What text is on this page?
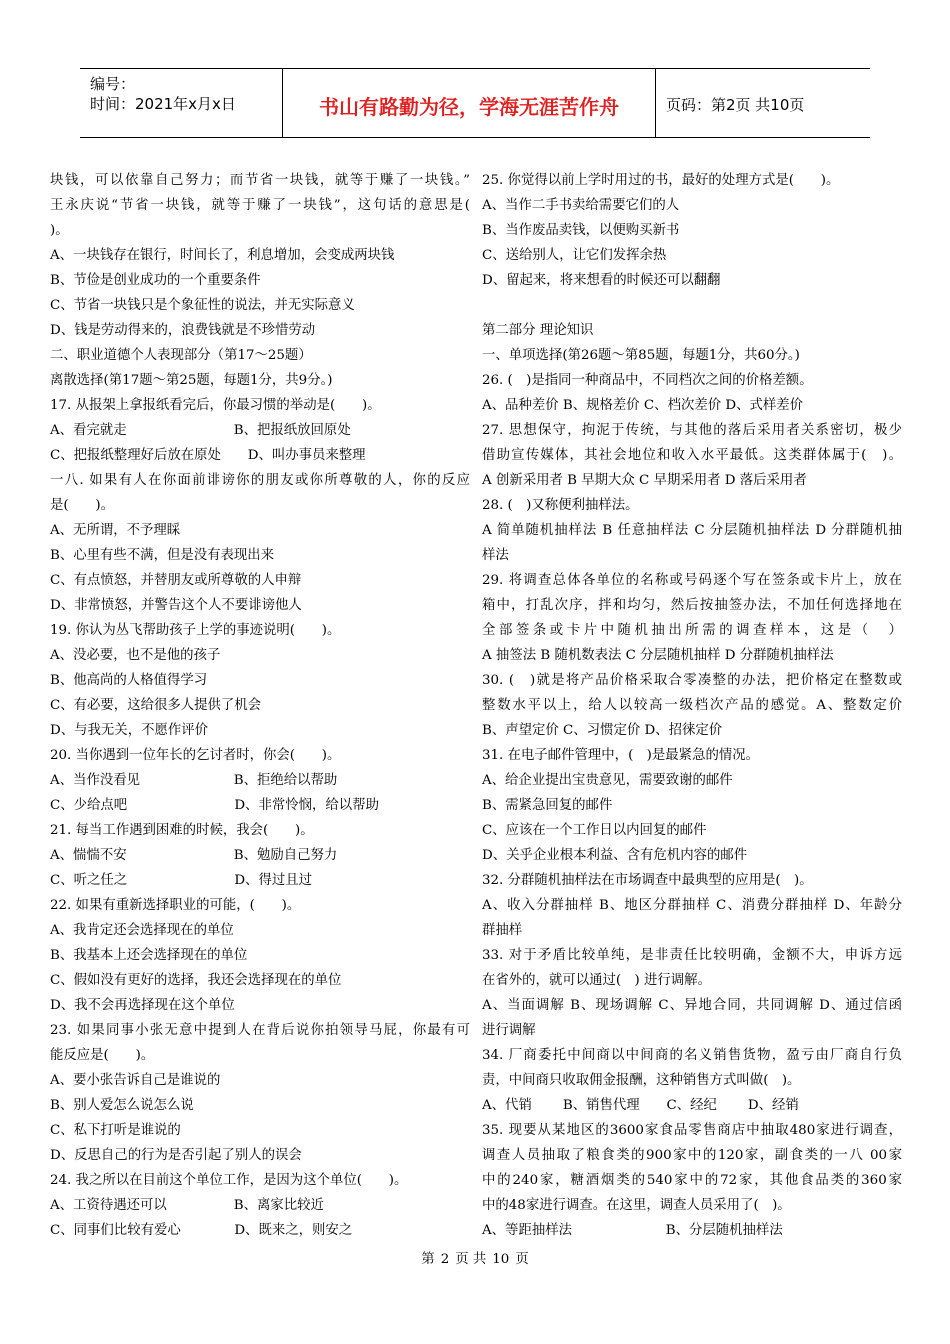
编号：
时间：2021年x月x日	书山有路勤为径，学海无涯苦作舟	页码：第2页 共10页
块钱，可以依靠自己努力；而节省一块钱，就等于赚了一块钱。”
王永庆说“节省一块钱，就等于赚了一块钱”，这句话的意思是(
)。
A、一块钱存在银行，时间长了，利息增加，会变成两块钱
B、节俭是创业成功的一个重要条件
C、节省一块钱只是个象征性的说法，并无实际意义
D、钱是劳动得来的，浪费钱就是不珍惜劳动
二、职业道德个人表现部分（第17～25题）
离散选择(第17题～第25题，每题1分，共9分。)
17. 从报架上拿报纸看完后，你最习惯的举动是(　　)。
A、看完就走　　　　　　　　B、把报纸放回原处
C、把报纸整理好后放在原处　　D、叫办事员来整理
一八. 如果有人在你面前诽谤你的朋友或你所尊敬的人，你的反应
是(　　)。
A、无所谓，不予理睬
B、心里有些不满，但是没有表现出来
C、有点愤怒，并替朋友或所尊敬的人申辩
D、非常愤怒，并警告这个人不要诽谤他人
19. 你认为丛飞帮助孩子上学的事迹说明(　　)。
A、没必要，也不是他的孩子
B、他高尚的人格值得学习
C、有必要，这给很多人提供了机会
D、与我无关，不愿作评价
20. 当你遇到一位年长的乞讨者时，你会(　　)。
A、当作没看见　　　　　　　B、拒绝给以帮助
C、少给点吧　　　　　　　　D、非常怜悯，给以帮助
21. 每当工作遇到困难的时候，我会(　　)。
A、惴惴不安　　　　　　　　B、勉励自己努力
C、听之任之　　　　　　　　D、得过且过
22. 如果有重新选择职业的可能，(　　)。
A、我肯定还会选择现在的单位
B、我基本上还会选择现在的单位
C、假如没有更好的选择，我还会选择现在的单位
D、我不会再选择现在这个单位
23. 如果同事小张无意中提到人在背后说你拍领导马屁，你最有可
能反应是(　　)。
A、要小张告诉自己是谁说的
B、别人爱怎么说怎么说
C、私下打听是谁说的
D、反思自己的行为是否引起了别人的误会
24. 我之所以在目前这个单位工作，是因为这个单位(　　)。
A、工资待遇还可以　　　　　B、离家比较近
C、同事们比较有爱心　　　　D、既来之，则安之
25. 你觉得以前上学时用过的书，最好的处理方式是(　　)。
A、当作二手书卖给需要它们的人
B、当作废品卖钱，以便购买新书
C、送给别人，让它们发挥余热
D、留起来，将来想看的时候还可以翻翻
第二部分 理论知识
一、单项选择(第26题～第85题，每题1分，共60分。)
26. (　)是指同一种商品中，不同档次之间的价格差额。
A、品种差价 B、规格差价 C、档次差价 D、式样差价
27. 思想保守，拘泥于传统，与其他的落后采用者关系密切，极少
借助宣传媒体，其社会地位和收入水平最低。这类群体属于(　)。
A 创新采用者 B 早期大众 C 早期采用者 D 落后采用者
28. (　)又称便利抽样法。
A 简单随机抽样法 B 任意抽样法 C 分层随机抽样法 D 分群随机抽
样法
29. 将调查总体各单位的名称或号码逐个写在签条或卡片上，放在
箱中，打乱次序，拌和均匀，然后按抽签办法，不加任何选择地在
全部签条或卡片中随机抽出所需的调查样本，这是（　）
A 抽签法 B 随机数表法 C 分层随机抽样 D 分群随机抽样法
30. (　)就是将产品价格采取合零凑整的办法，把价格定在整数或
整数水平以上，给人以较高一级档次产品的感觉。A、整数定价
B、声望定价 C、习惯定价 D、招徕定价
31. 在电子邮件管理中，(　)是最紧急的情况。
A、给企业提出宝贵意见，需要致谢的邮件
B、需紧急回复的邮件
C、应该在一个工作日以内回复的邮件
D、关乎企业根本利益、含有危机内容的邮件
32. 分群随机抽样法在市场调查中最典型的应用是(　)。
A、收入分群抽样 B、地区分群抽样 C、消费分群抽样 D、年龄分
群抽样
33. 对于矛盾比较单纯，是非责任比较明确，金额不大，申诉方远
在省外的，就可以通过(　) 进行调解。
A、当面调解 B、现场调解 C、异地合同，共同调解 D、通过信函
进行调解
34. 厂商委托中间商以中间商的名义销售货物，盈亏由厂商自行负
责，中间商只收取佣金报酬，这种销售方式叫做(　)。
A、代销　　 B、销售代理　　C、经纪　　 D、经销
35. 现要从某地区的3600家食品零售商店中抽取480家进行调查，
调查人员抽取了粮食类的900家中的120家，副食类的一八 00家
中的240家，糖酒烟类的540家中的72家，其他食品类的360家
中的48家进行调查。在这里，调查人员采用了(　)。
A、等距抽样法　　　　　　　B、分层随机抽样法
第 2 页 共 10 页
